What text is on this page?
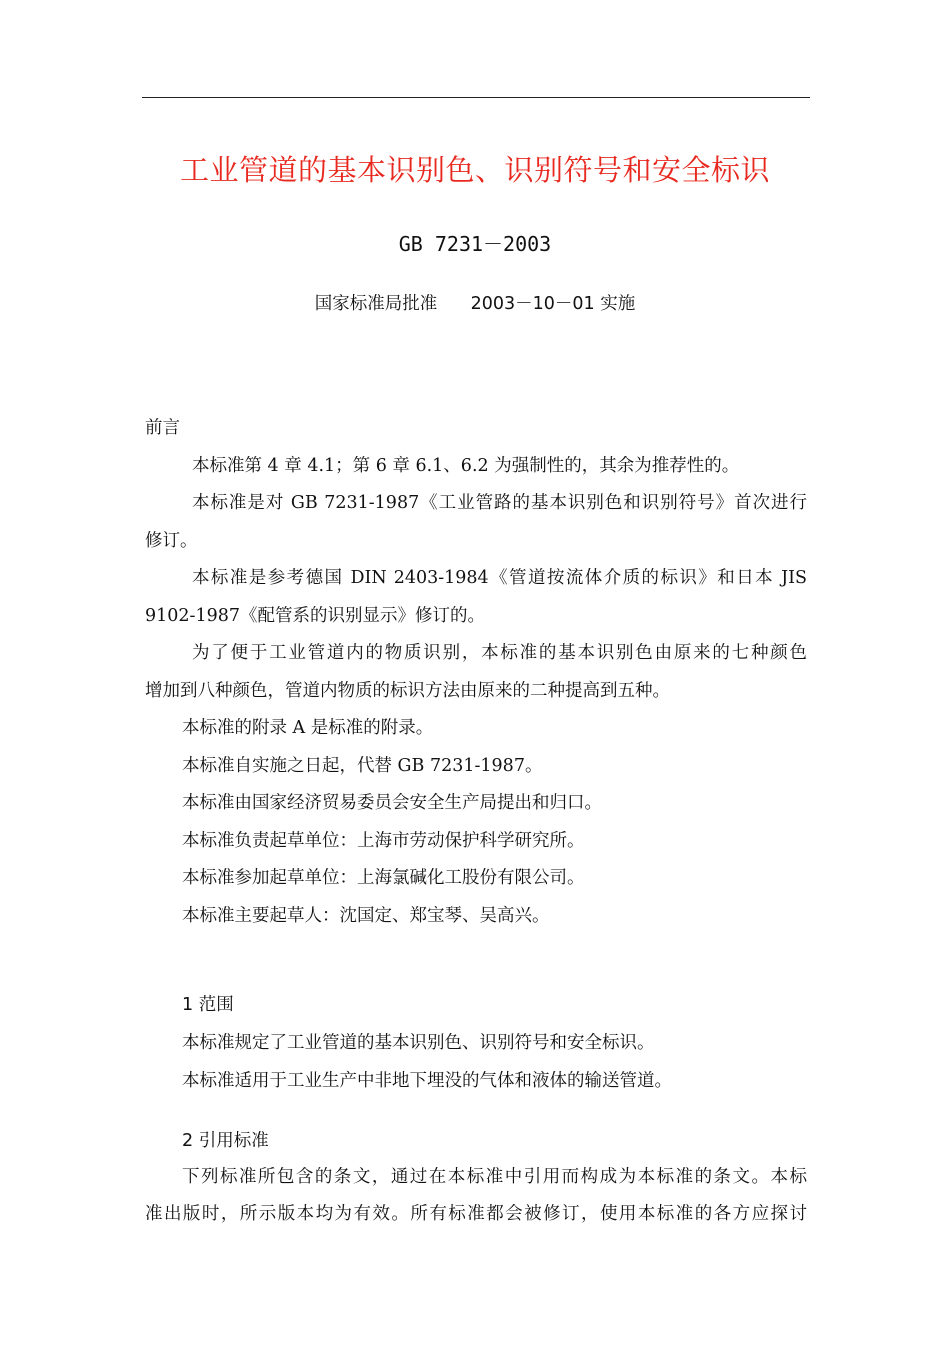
工业管道的基本识别色、识别符号和安全标识
GB 7231－2003
国家标准局批准      2003－10－01 实施
前言
本标准第 4 章 4.1；第 6 章 6.1、6.2 为强制性的，其余为推荐性的。
本标准是对 GB 7231-1987《工业管路的基本识别色和识别符号》首次进行
修订。
本标准是参考德国 DIN 2403-1984《管道按流体介质的标识》和日本 JIS
9102-1987《配管系的识别显示》修订的。
为了便于工业管道内的物质识别，本标准的基本识别色由原来的七种颜色
增加到八种颜色，管道内物质的标识方法由原来的二种提高到五种。
本标准的附录 A 是标准的附录。
本标准自实施之日起，代替 GB 7231-1987。
本标准由国家经济贸易委员会安全生产局提出和归口。
本标准负责起草单位：上海市劳动保护科学研究所。
本标准参加起草单位：上海氯碱化工股份有限公司。
本标准主要起草人：沈国定、郑宝琴、吴高兴。
1 范围
本标准规定了工业管道的基本识别色、识别符号和安全标识。
本标准适用于工业生产中非地下埋没的气体和液体的输送管道。
2 引用标准
下列标准所包含的条文，通过在本标准中引用而构成为本标准的条文。本标
准出版时，所示版本均为有效。所有标准都会被修订，使用本标准的各方应探讨
